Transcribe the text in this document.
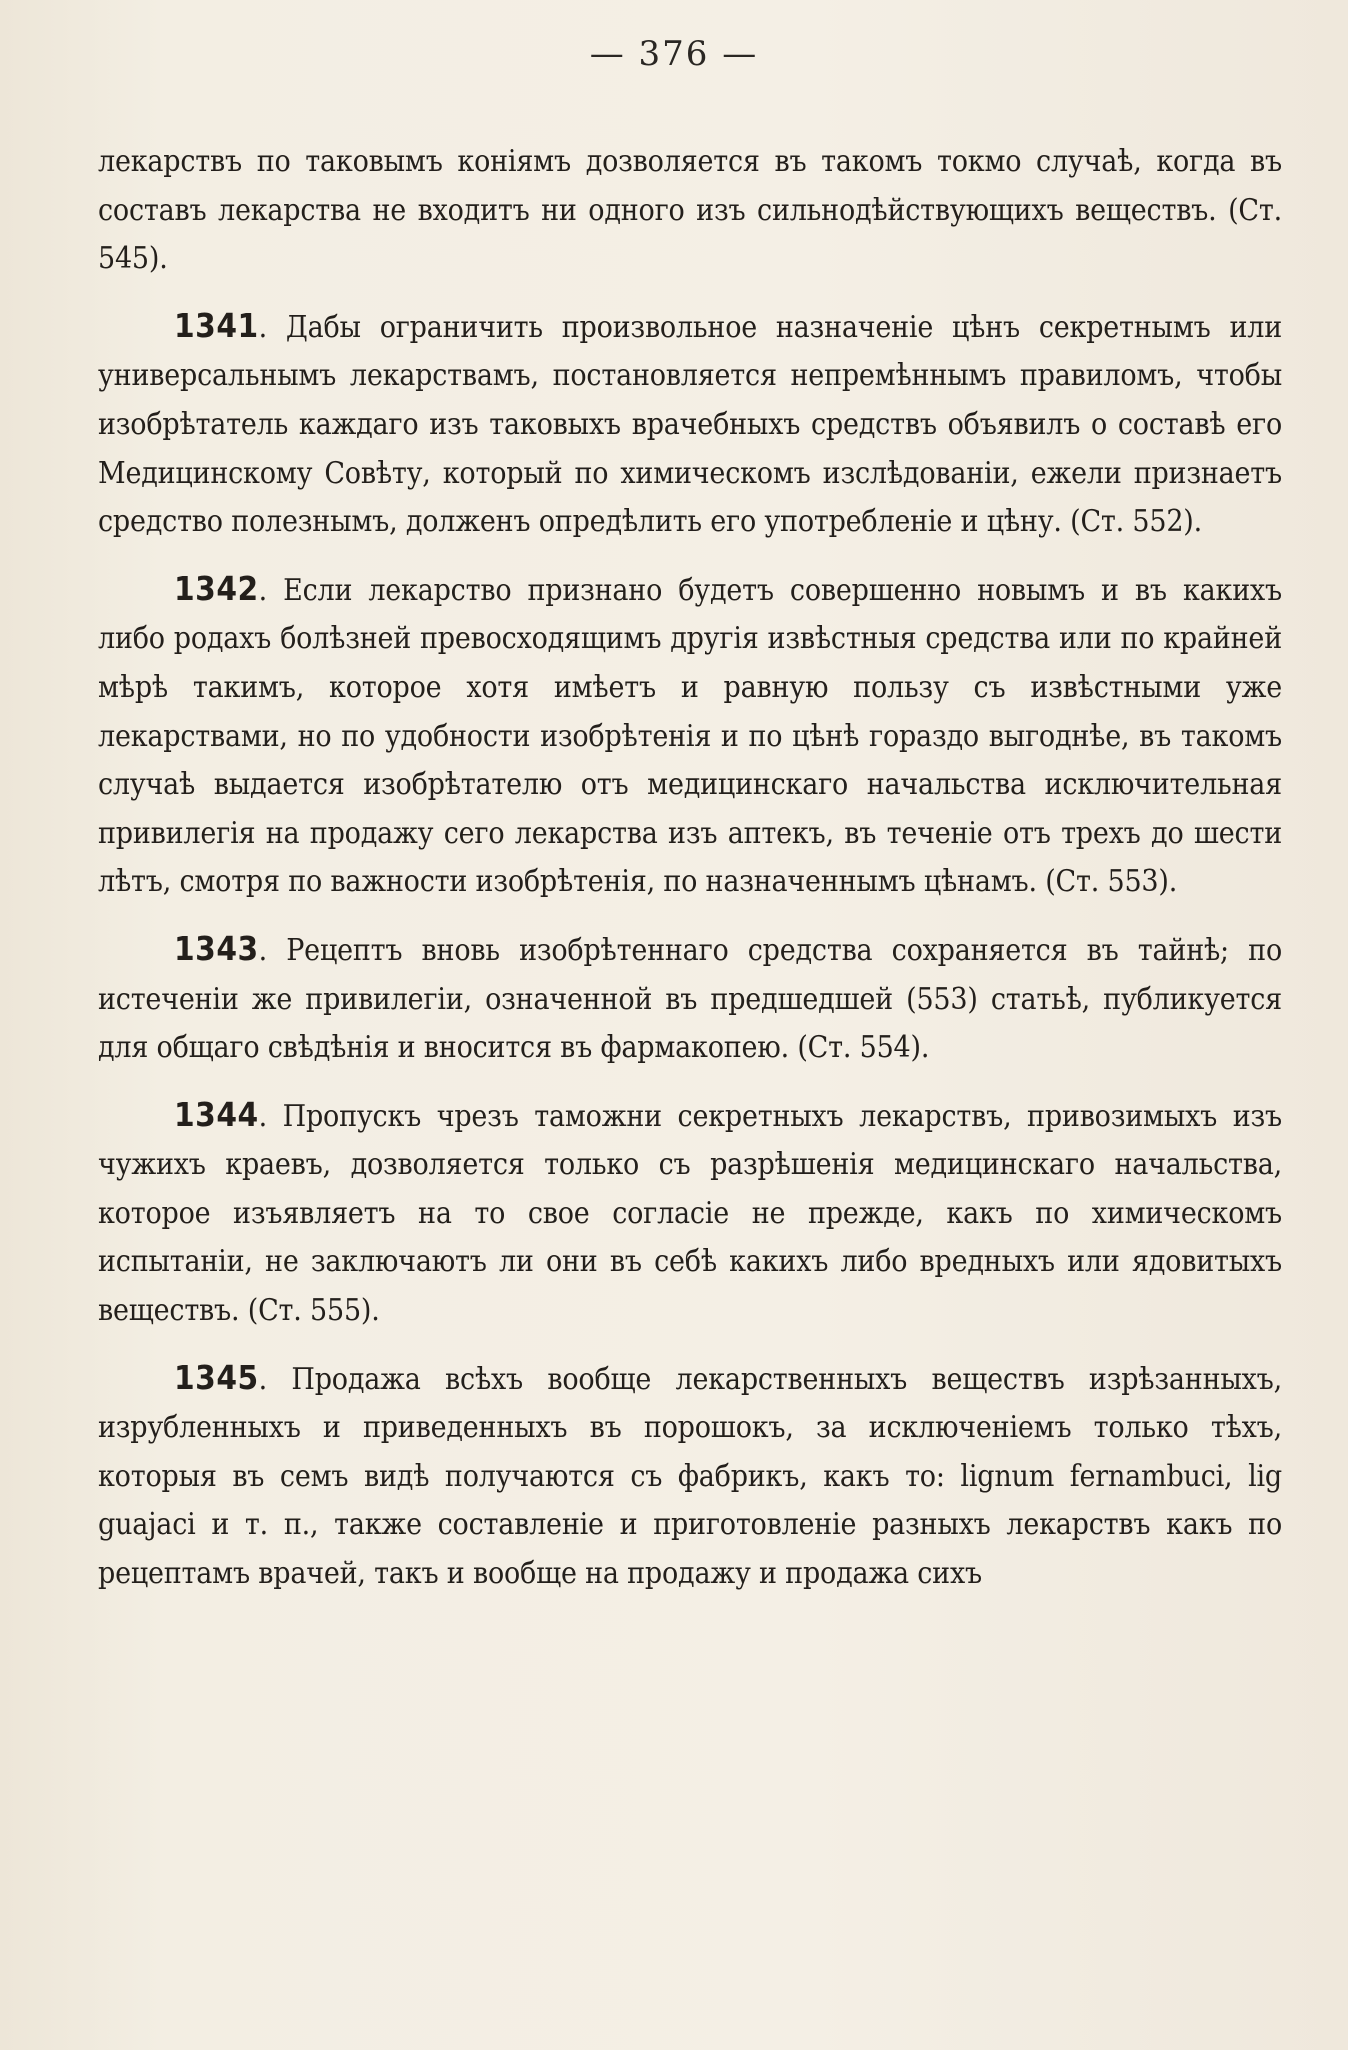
— 376 —

лекарствъ по таковымъ коніямъ дозволяется въ такомъ токмо случаѣ, когда въ составъ лекарства не входитъ ни одного изъ сильнодѣйствующихъ веществъ. (Ст. 545).

1341. Дабы ограничить произвольное назначеніе цѣнъ секретнымъ или универсальнымъ лекарствамъ, постановляется непремѣннымъ правиломъ, чтобы изобрѣтатель каждаго изъ таковыхъ врачебныхъ средствъ объявилъ о составѣ его Медицинскому Совѣту, который по химическомъ изслѣдованіи, ежели признаетъ средство полезнымъ, долженъ опредѣлить его употребленіе и цѣну. (Ст. 552).

1342. Если лекарство признано будетъ совершенно новымъ и въ какихъ либо родахъ болѣзней превосходящимъ другія извѣстныя средства или по крайней мѣрѣ такимъ, которое хотя имѣетъ и равную пользу съ извѣстными уже лекарствами, но по удобности изобрѣтенія и по цѣнѣ гораздо выгоднѣе, въ такомъ случаѣ выдается изобрѣтателю отъ медицинскаго начальства исключительная привилегія на продажу сего лекарства изъ аптекъ, въ теченіе отъ трехъ до шести лѣтъ, смотря по важности изобрѣтенія, по назначеннымъ цѣнамъ. (Ст. 553).

1343. Рецептъ вновь изобрѣтеннаго средства сохраняется въ тайнѣ; по истеченіи же привилегіи, означенной въ предшедшей (553) статьѣ, публикуется для общаго свѣдѣнія и вносится въ фармакопею. (Ст. 554).

1344. Пропускъ чрезъ таможни секретныхъ лекарствъ, привозимыхъ изъ чужихъ краевъ, дозволяется только съ разрѣшенія медицинскаго начальства, которое изъявляетъ на то свое согласіе не прежде, какъ по химическомъ испытаніи, не заключаютъ ли они въ себѣ какихъ либо вредныхъ или ядовитыхъ веществъ. (Ст. 555).

1345. Продажа всѣхъ вообще лекарственныхъ веществъ изрѣзанныхъ, изрубленныхъ и приведенныхъ въ порошокъ, за исключеніемъ только тѣхъ, которыя въ семъ видѣ получаются съ фабрикъ, какъ то: lignum fernambuci, lig guajaci и т. п., также составленіе и приготовленіе разныхъ лекарствъ какъ по рецептамъ врачей, такъ и вообще на продажу и продажа сихъ
